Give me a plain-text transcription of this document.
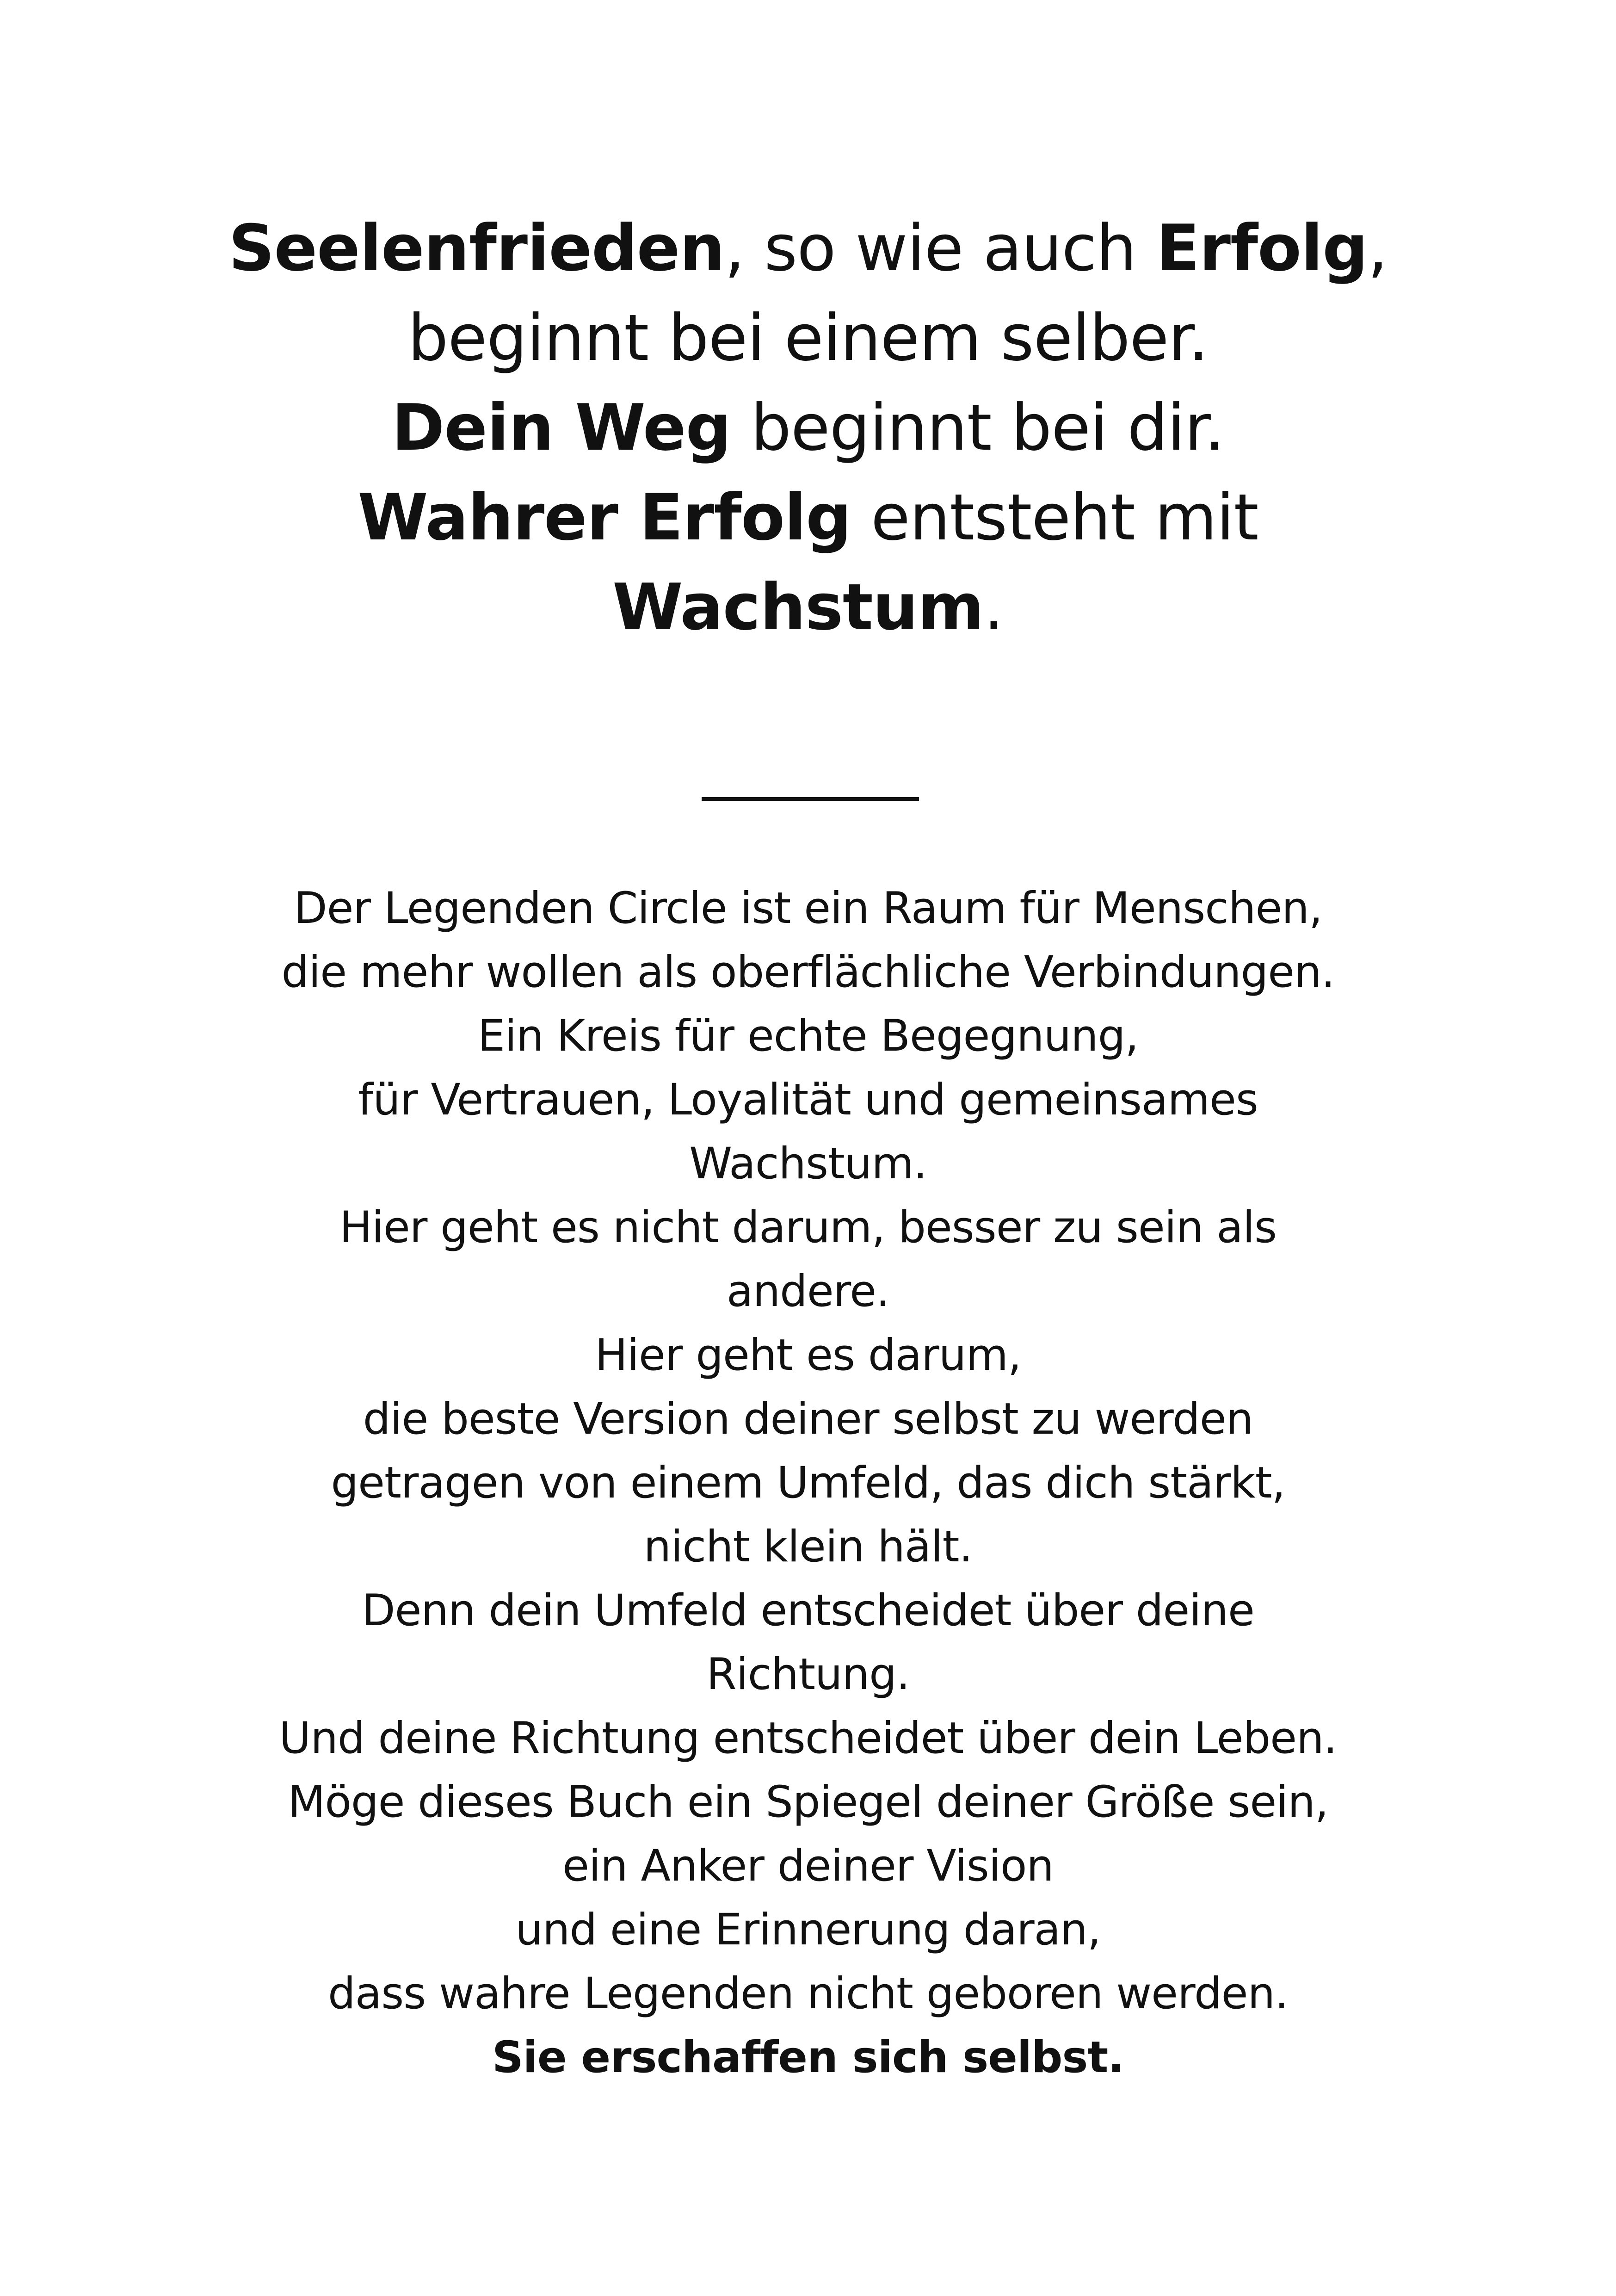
Seelenfrieden, so wie auch Erfolg,
beginnt bei einem selber.
Dein Weg beginnt bei dir.
Wahrer Erfolg entsteht mit
Wachstum.
Der Legenden Circle ist ein Raum für Menschen,
die mehr wollen als oberflächliche Verbindungen.
Ein Kreis für echte Begegnung,
für Vertrauen, Loyalität und gemeinsames
Wachstum.
Hier geht es nicht darum, besser zu sein als
andere.
Hier geht es darum,
die beste Version deiner selbst zu werden
getragen von einem Umfeld, das dich stärkt,
nicht klein hält.
Denn dein Umfeld entscheidet über deine
Richtung.
Und deine Richtung entscheidet über dein Leben.
Möge dieses Buch ein Spiegel deiner Größe sein,
ein Anker deiner Vision
und eine Erinnerung daran,
dass wahre Legenden nicht geboren werden.
Sie erschaffen sich selbst.
